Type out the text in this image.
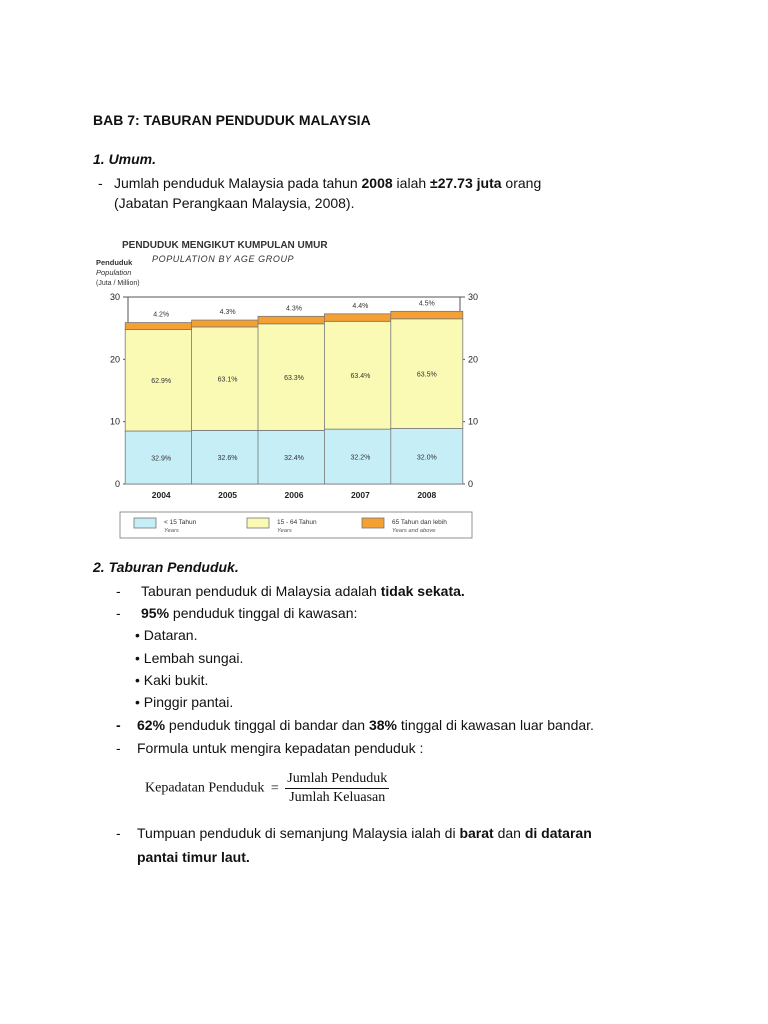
BAB 7: TABURAN PENDUDUK MALAYSIA
1. Umum.
- Jumlah penduduk Malaysia pada tahun 2008 ialah ±27.73 juta orang
(Jabatan Perangkaan Malaysia, 2008).
PENDUDUK MENGIKUT KUMPULAN UMUR
POPULATION BY AGE GROUP
Penduduk
Population
(Juta / Million)
0	0
10	10
20	20
30	30
32.9%
62.9%
4.2%
2004
32.6%
63.1%
4.3%
2005
32.4%
63.3%
4.3%
2006
32.2%
63.4%
4.4%
2007
32.0%
63.5%
4.5%
2008
< 15 Tahun
Years
15 - 64 Tahun
Years
65 Tahun dan lebih
Years and above
2. Taburan Penduduk.
- Taburan penduduk di Malaysia adalah tidak sekata.
- 95% penduduk tinggal di kawasan:
• Dataran.
• Lembah sungai.
• Kaki bukit.
• Pinggir pantai.
- 62% penduduk tinggal di bandar dan 38% tinggal di kawasan luar bandar.
- Formula untuk mengira kepadatan penduduk :
Kepadatan Penduduk = $\frac{\text{Jumlah Penduduk}}{\text{Jumlah Keluasan}}$
- Tumpuan penduduk di semanjung Malaysia ialah di barat dan di dataran
pantai timur laut.
